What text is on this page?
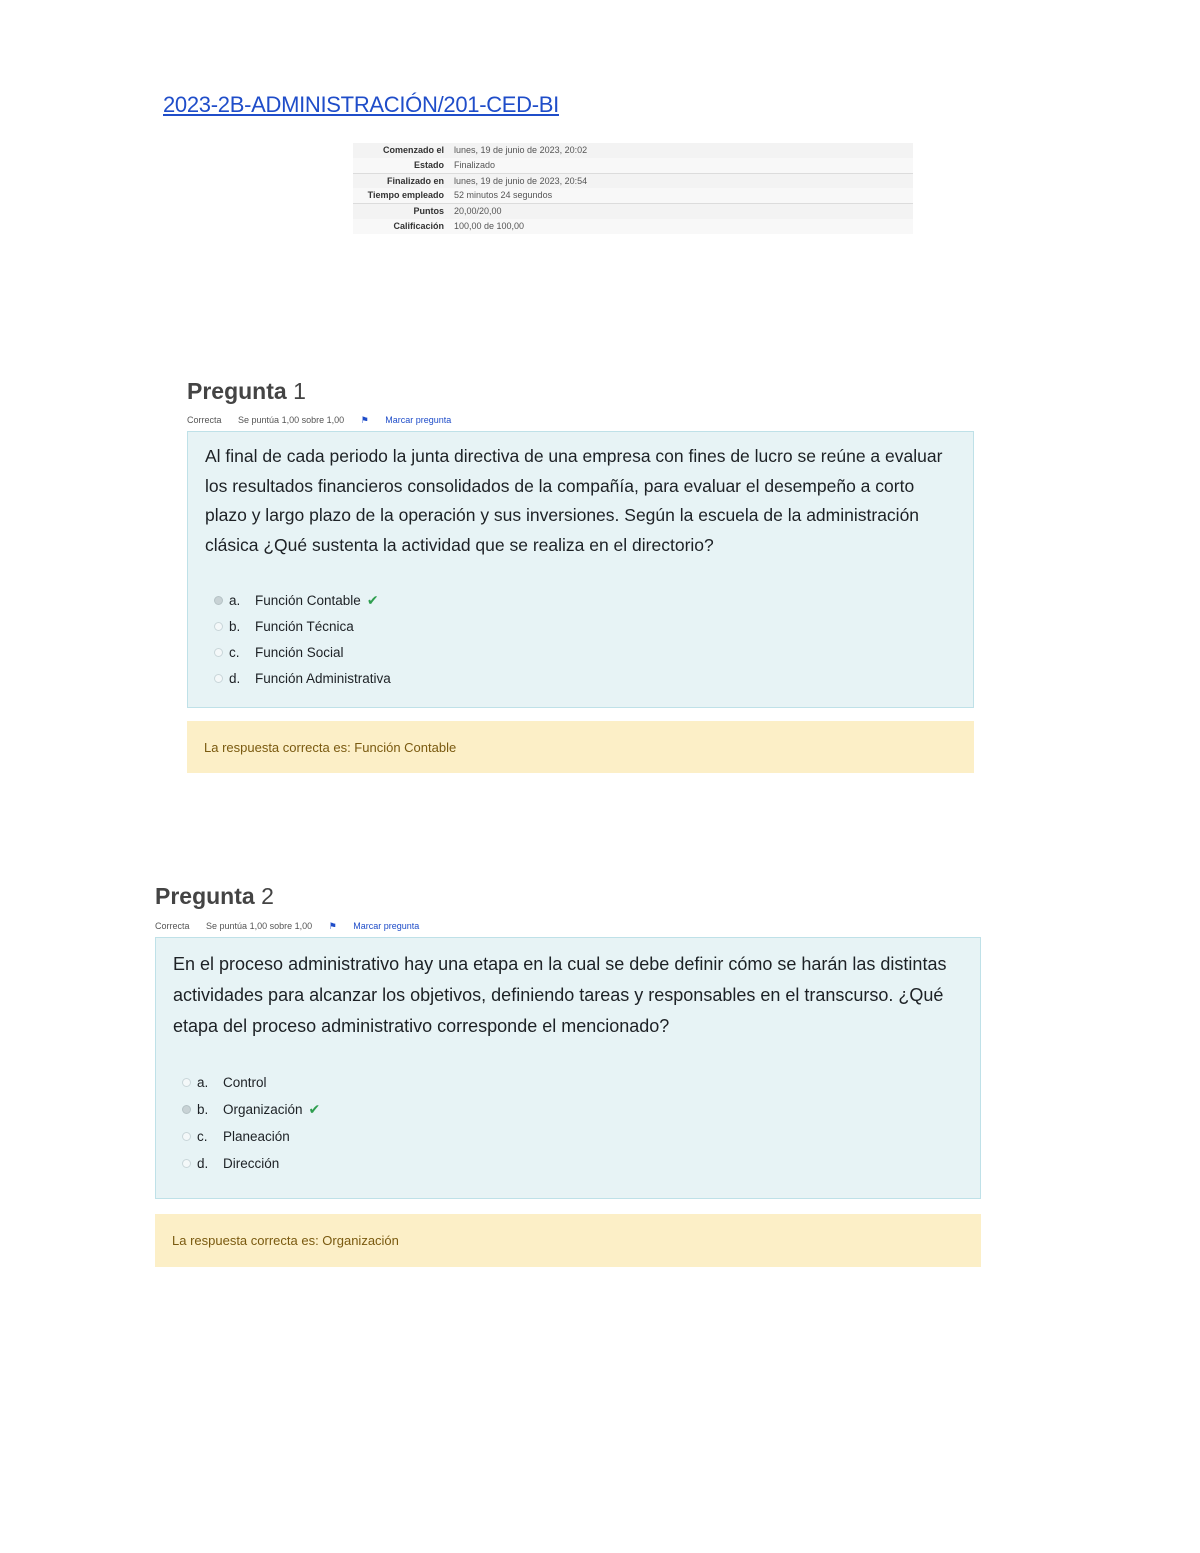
2023-2B-ADMINISTRACIÓN/201-CED-BI
Comenzado el	lunes, 19 de junio de 2023, 20:02
Estado	Finalizado
Finalizado en	lunes, 19 de junio de 2023, 20:54
Tiempo empleado	52 minutos 24 segundos
Puntos	20,00/20,00
Calificación	100,00 de 100,00
Pregunta 1
Correcta Se puntúa 1,00 sobre 1,00 ⚑ Marcar pregunta
Al final de cada periodo la junta directiva de una empresa con fines de lucro se reúne a evaluar los resultados financieros consolidados de la compañía, para evaluar el desempeño a corto plazo y largo plazo de la operación y sus inversiones. Según la escuela de la administración clásica ¿Qué sustenta la actividad que se realiza en el directorio?
a.	Función Contable ✔
b.	Función Técnica
c.	Función Social
d.	Función Administrativa
La respuesta correcta es: Función Contable
Pregunta 2
Correcta Se puntúa 1,00 sobre 1,00 ⚑ Marcar pregunta
En el proceso administrativo hay una etapa en la cual se debe definir cómo se harán las distintas actividades para alcanzar los objetivos, definiendo tareas y responsables en el transcurso. ¿Qué etapa del proceso administrativo corresponde el mencionado?
a.	Control
b.	Organización ✔
c.	Planeación
d.	Dirección
La respuesta correcta es: Organización
